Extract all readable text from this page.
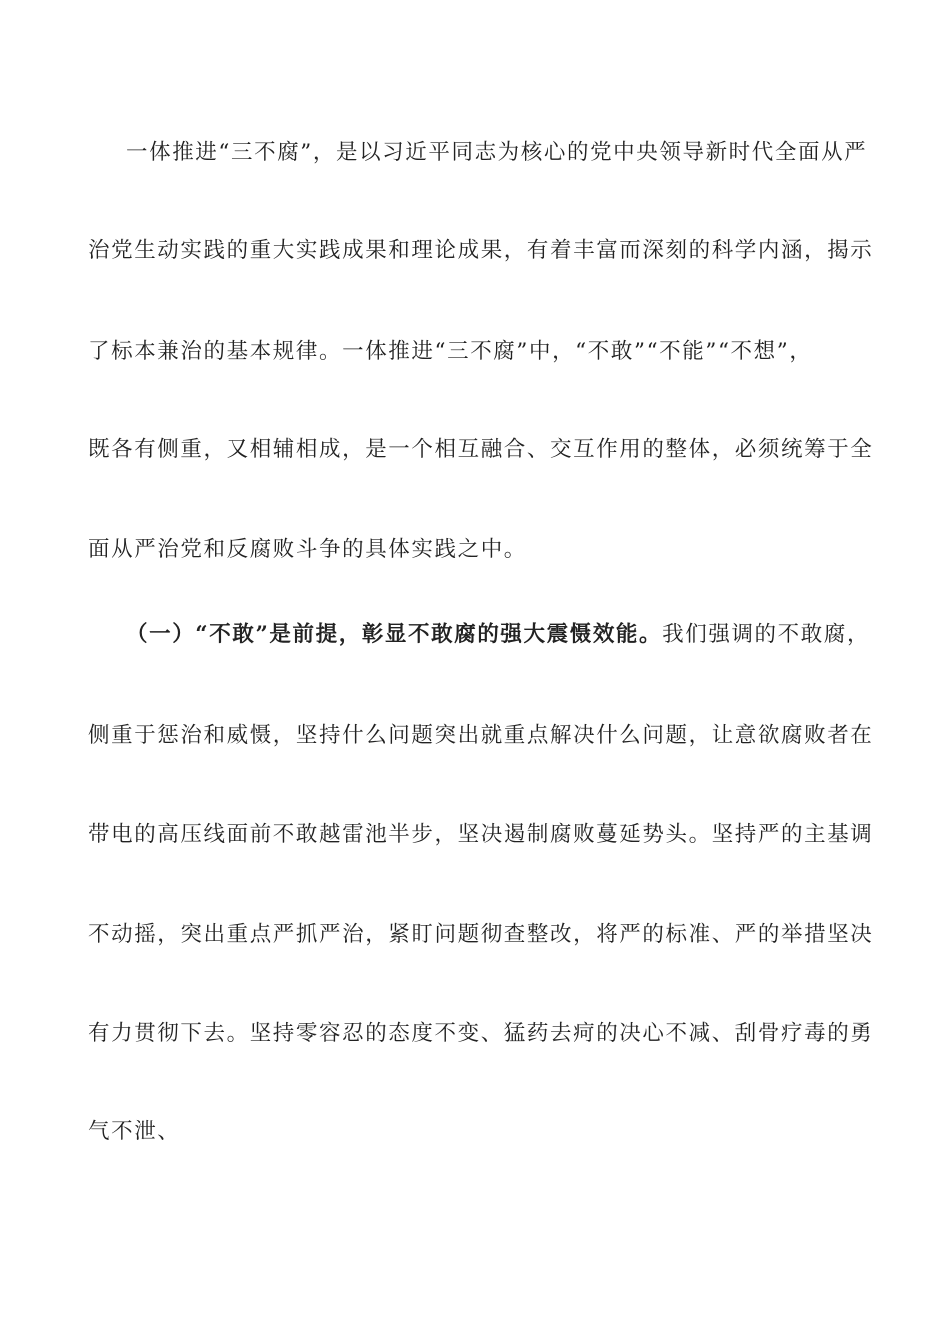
一体推进“三不腐”，是以习近平同志为核心的党中央领导新时代全面从严
治党生动实践的重大实践成果和理论成果，有着丰富而深刻的科学内涵，揭示
了标本兼治的基本规律。一体推进“三不腐”中，“不敢”“不能”“不想”，
既各有侧重，又相辅相成，是一个相互融合、交互作用的整体，必须统筹于全
面从严治党和反腐败斗争的具体实践之中。
（一）“不敢”是前提，彰显不敢腐的强大震慑效能。我们强调的不敢腐，
侧重于惩治和威慑，坚持什么问题突出就重点解决什么问题，让意欲腐败者在
带电的高压线面前不敢越雷池半步，坚决遏制腐败蔓延势头。坚持严的主基调
不动摇，突出重点严抓严治，紧盯问题彻查整改，将严的标准、严的举措坚决
有力贯彻下去。坚持零容忍的态度不变、猛药去疴的决心不减、刮骨疗毒的勇
气不泄、
